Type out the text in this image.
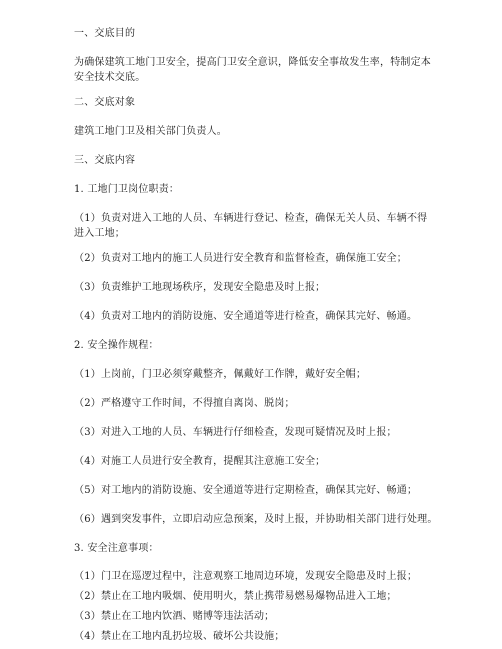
一、交底目的
为确保建筑工地门卫安全，提高门卫安全意识，降低安全事故发生率，特制定本安全技术交底。
二、交底对象
建筑工地门卫及相关部门负责人。
三、交底内容
1. 工地门卫岗位职责：
（1）负责对进入工地的人员、车辆进行登记、检查，确保无关人员、车辆不得进入工地；
（2）负责对工地内的施工人员进行安全教育和监督检查，确保施工安全；
（3）负责维护工地现场秩序，发现安全隐患及时上报；
（4）负责对工地内的消防设施、安全通道等进行检查，确保其完好、畅通。
2. 安全操作规程：
（1）上岗前，门卫必须穿戴整齐，佩戴好工作牌，戴好安全帽；
（2）严格遵守工作时间，不得擅自离岗、脱岗；
（3）对进入工地的人员、车辆进行仔细检查，发现可疑情况及时上报；
（4）对施工人员进行安全教育，提醒其注意施工安全；
（5）对工地内的消防设施、安全通道等进行定期检查，确保其完好、畅通；
（6）遇到突发事件，立即启动应急预案，及时上报，并协助相关部门进行处理。
3. 安全注意事项：
（1）门卫在巡逻过程中，注意观察工地周边环境，发现安全隐患及时上报；
（2）禁止在工地内吸烟、使用明火，禁止携带易燃易爆物品进入工地；
（3）禁止在工地内饮酒、赌博等违法活动；
（4）禁止在工地内乱扔垃圾、破坏公共设施；
